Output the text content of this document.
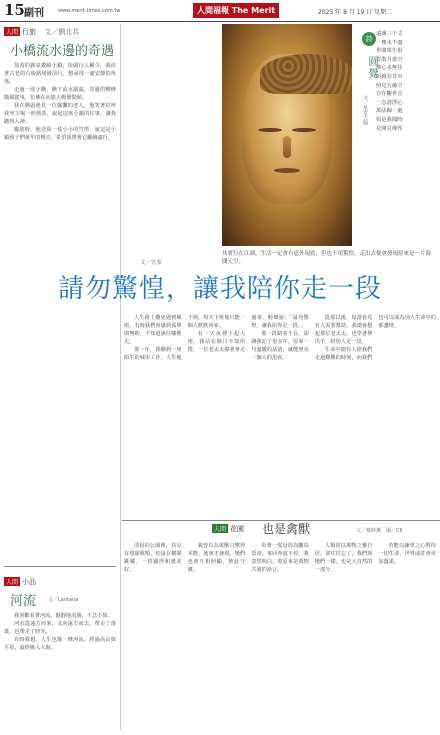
15 副刊	www.merit-times.com.tw	人間福報 The Merit	2025 年 8 月 19 日 星期二
人間 行旅 文／劉北共
小橋流水邊的奇遇

蒸蒸的霧氣縈繞小鎮，街頭行人稀少，我沿著古老的石板路緩緩前行，想尋找一處安靜的角落。

走過一座小橋，橋下流水潺潺，岸邊的柳條隨風搖曳，彷彿在向旅人輕聲問候。

我在橋頭遇見一位擺攤的老人，他笑著招呼我坐下喝一杯熱茶，說起這座小鎮的往事，讓我聽得入神。

臨別時，他送我一枝小小的竹笛，說這是小鎮孩子們童年的聲音，希望我帶著它繼續遠行。

人間 小品
河流 文／Lantana

我喜歡看著河流，靜靜地流淌，不急不徐。

河水從遠方而來，又向遠方而去，帶走了落葉，也帶走了時光。

有時我想，人生也像一條河流，經過高山與平原，最終匯入大海。

詩
圓覺
文／星雲大師
遠溪三千丈
一塵未不盡
世間眾生相
雲散月當空
佛心本無住
明鏡亦非台
照見五蘊空
自在觀世音
一念清淨心
萬法歸一處
如是我聞時
花開見佛性
其實行在江湖，生活一定會有意外現底，但也不用驚惶，走出去便會發現原來是一片海闊天空。
文／宜家
請勿驚惶，讓我陪你走一段

人生路上難免遇到風雨，有時我們會感到孤單與無助，不知道該往哪裡走。

那一年，我剛到一座陌生的城市工作，人生地不熟，每天下班後只能一個人默默回家。

有一天夜裡下起大雨，我站在路口不知所措，一位老太太撐著傘走過來，輕聲說：「請勿驚惶，讓我陪你走一段。」

那一段路並不長，卻讓我記了很多年。原來一句溫暖的話語，就能照亮一個人的黑夜。

從那以後，每當看見有人需要幫助，我總會想起那位老太太，也學著伸出手，陪別人走一段。

生命中總有人陪我們走過艱難的時刻，而我們也可以成為別人生命中的那盞燈。

人間 花園 也是禽獸	文／蔡時薰　圖／CII

清晨的公園裡，鳥兒在枝頭歌唱，松鼠在樹間跳躍，一切顯得和諧美好。

我曾以為禽獸只懂得本能，後來才發現，牠們也會互相照顧，彼此守護。

看著一隻母鳥為雛鳥覓食，來回奔波不停，我忽然明白，愛原來是萬物共通的語言。

人類常以萬物之靈自居，卻往往忘了，我們與牠們一樣，也是大自然的一部分。

若能以謙卑之心對待一切生命，世界或許會更加溫柔。
